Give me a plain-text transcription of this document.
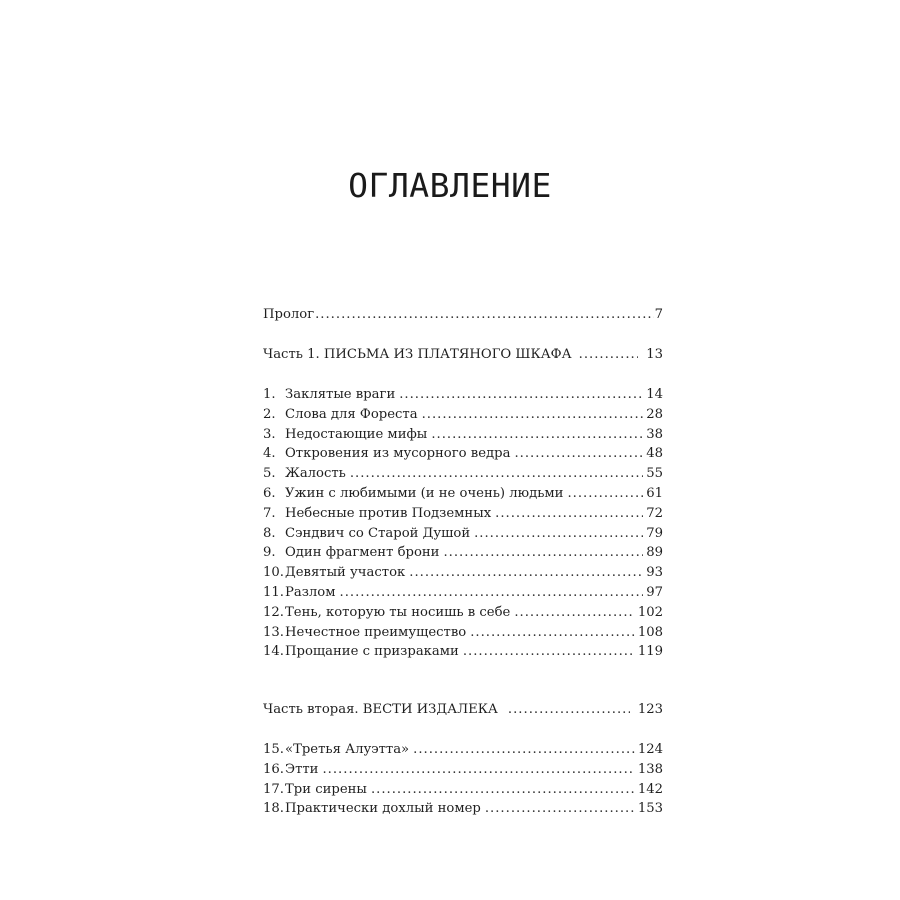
ОГЛАВЛЕНИЕ
Пролог .....	7
Часть 1. ПИСЬМА ИЗ ПЛАТЯНОГО ШКАФА .....	13
1. Заклятые враги .....	14
2. Слова для Фореста .....	28
3. Недостающие мифы .....	38
4. Откровения из мусорного ведра .....	48
5. Жалость .....	55
6. Ужин с любимыми (и не очень) людьми .....	61
7. Небесные против Подземных .....	72
8. Сэндвич со Старой Душой .....	79
9. Один фрагмент брони .....	89
10. Девятый участок .....	93
11. Разлом .....	97
12. Тень, которую ты носишь в себе .....	102
13. Нечестное преимущество .....	108
14. Прощание с призраками .....	119
Часть вторая. ВЕСТИ ИЗДАЛЕКА .....	123
15. «Третья Алуэтта» .....	124
16. Этти .....	138
17. Три сирены .....	142
18. Практически дохлый номер .....	153
